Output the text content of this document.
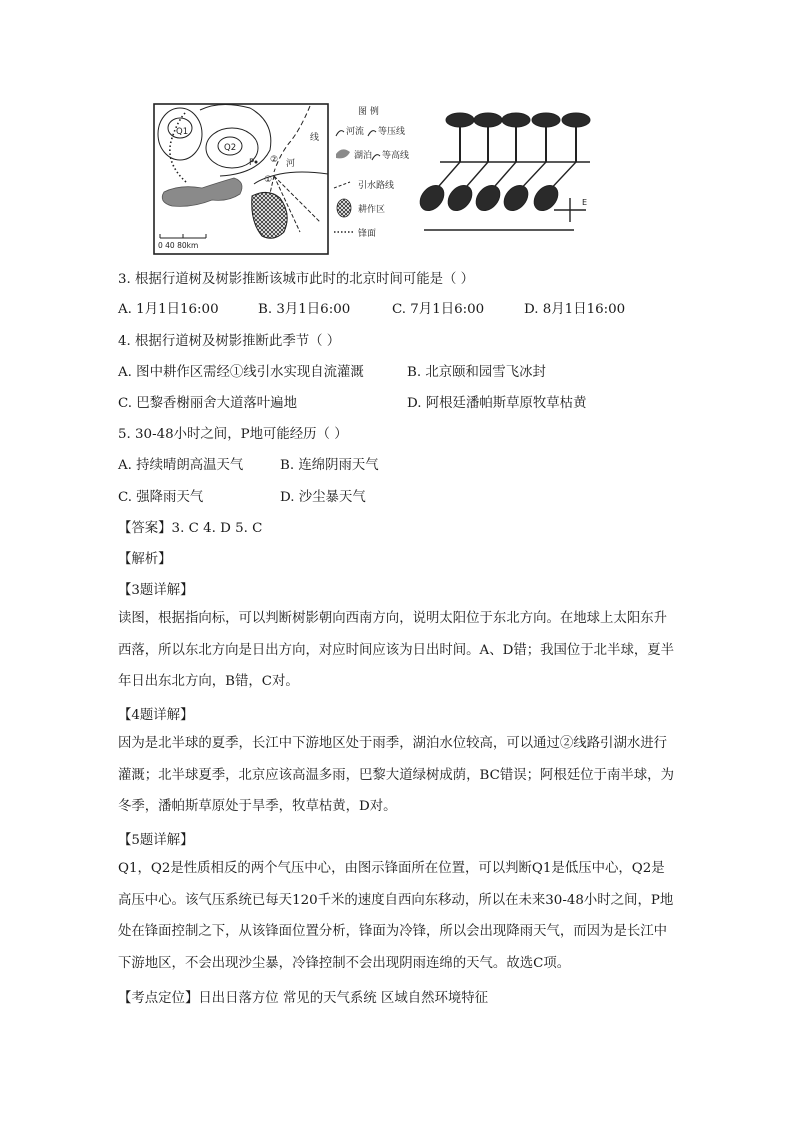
Q1
Q2
P
①
② 河
线
0 40 80km
图 例
河流 等压线
湖泊 等高线
引水路线
耕作区
锋面
E
3. 根据行道树及树影推断该城市此时的北京时间可能是（ ）
A. 1月1日16:00	B. 3月1日6:00	C. 7月1日6:00	D. 8月1日16:00
4. 根据行道树及树影推断此季节（ ）
A. 图中耕作区需经①线引水实现自流灌溉	B. 北京颐和园雪飞冰封
C. 巴黎香榭丽舍大道落叶遍地	D. 阿根廷潘帕斯草原牧草枯黄
5. 30-48小时之间，P地可能经历（ ）
A. 持续晴朗高温天气	B. 连绵阴雨天气
C. 强降雨天气	D. 沙尘暴天气
【答案】3. C 4. D 5. C
【解析】
【3题详解】
读图，根据指向标，可以判断树影朝向西南方向，说明太阳位于东北方向。在地球上太阳东升西落，所以东北方向是日出方向，对应时间应该为日出时间。A、D错；我国位于北半球，夏半年日出东北方向，B错，C对。
【4题详解】
因为是北半球的夏季，长江中下游地区处于雨季，湖泊水位较高，可以通过②线路引湖水进行灌溉；北半球夏季，北京应该高温多雨，巴黎大道绿树成荫，BC错误；阿根廷位于南半球，为冬季，潘帕斯草原处于旱季，牧草枯黄，D对。
【5题详解】
Q1，Q2是性质相反的两个气压中心，由图示锋面所在位置，可以判断Q1是低压中心，Q2是高压中心。该气压系统已每天120千米的速度自西向东移动，所以在未来30-48小时之间，P地处在锋面控制之下，从该锋面位置分析，锋面为冷锋，所以会出现降雨天气，而因为是长江中下游地区，不会出现沙尘暴，冷锋控制不会出现阴雨连绵的天气。故选C项。
【考点定位】日出日落方位 常见的天气系统 区域自然环境特征
